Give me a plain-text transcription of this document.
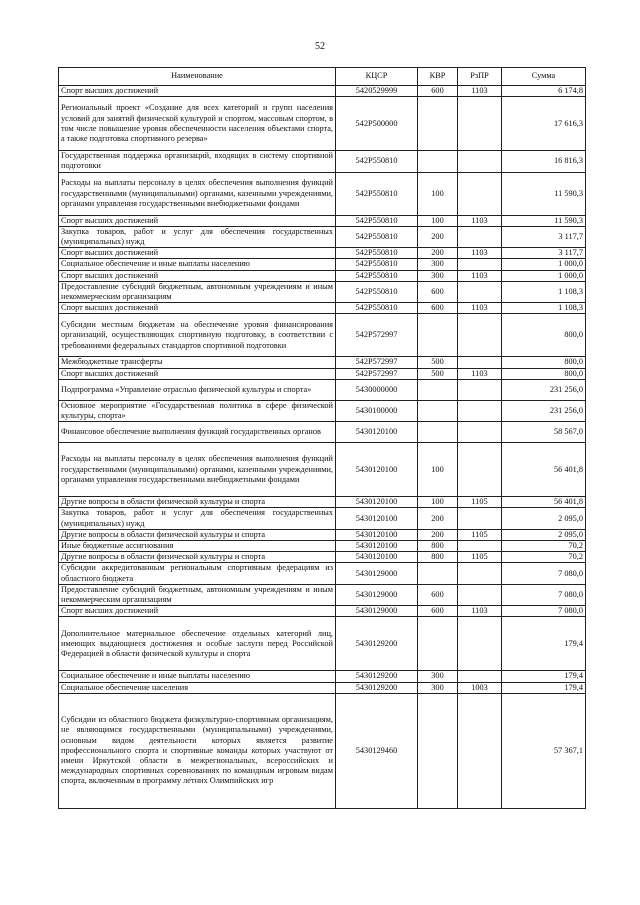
52
Наименование	КЦСР	КВР	РзПР	Сумма
Спорт высших достижений	5420529999	600	1103	6 174,8
Региональный проект «Создание для всех категорий и групп населения условий для занятий физической культурой и спортом, массовым спортом, в том числе повышение уровня обеспеченности населения объектами спорта, а также подготовка спортивного резерва»	542P500000			17 616,3
Государственная поддержка организаций, входящих в систему спортивной подготовки	542P550810			16 816,3
Расходы на выплаты персоналу в целях обеспечения выполнения функций государственными (муниципальными) органами, казенными учреждениями, органами управления государственными внебюджетными фондами	542P550810	100		11 590,3
Спорт высших достижений	542P550810	100	1103	11 590,3
Закупка товаров, работ и услуг для обеспечения государственных (муниципальных) нужд	542P550810	200		3 117,7
Спорт высших достижений	542P550810	200	1103	3 117,7
Социальное обеспечение и иные выплаты населению	542P550810	300		1 000,0
Спорт высших достижений	542P550810	300	1103	1 000,0
Предоставление субсидий бюджетным, автономным учреждениям и иным некоммерческим организациям	542P550810	600		1 108,3
Спорт высших достижений	542P550810	600	1103	1 108,3
Субсидии местным бюджетам на обеспечение уровня финансирования организаций, осуществляющих спортивную подготовку, в соответствии с требованиями федеральных стандартов спортивной подготовки	542P572997			800,0
Межбюджетные трансферты	542P572997	500		800,0
Спорт высших достижений	542P572997	500	1103	800,0
Подпрограмма «Управление отраслью физической культуры и спорта»	5430000000			231 256,0
Основное мероприятие «Государственная политика в сфере физической культуры, спорта»	5430100000			231 256,0
Финансовое обеспечение выполнения функций государственных органов	5430120100			58 567,0
Расходы на выплаты персоналу в целях обеспечения выполнения функций государственными (муниципальными) органами, казенными учреждениями, органами управления государственными внебюджетными фондами	5430120100	100		56 401,8
Другие вопросы в области физической культуры и спорта	5430120100	100	1105	56 401,8
Закупка товаров, работ и услуг для обеспечения государственных (муниципальных) нужд	5430120100	200		2 095,0
Другие вопросы в области физической культуры и спорта	5430120100	200	1105	2 095,0
Иные бюджетные ассигнования	5430120100	800		70,2
Другие вопросы в области физической культуры и спорта	5430120100	800	1105	70,2
Субсидии аккредитованным региональным спортивным федерациям из областного бюджета	5430129000			7 080,0
Предоставление субсидий бюджетным, автономным учреждениям и иным некоммерческим организациям	5430129000	600		7 080,0
Спорт высших достижений	5430129000	600	1103	7 080,0
Дополнительное материальное обеспечение отдельных категорий лиц, имеющих выдающиеся достижения и особые заслуги перед Российской Федерацией в области физической культуры и спорта	5430129200			179,4
Социальное обеспечение и иные выплаты населению	5430129200	300		179,4
Социальное обеспечение населения	5430129200	300	1003	179,4
Субсидии из областного бюджета физкультурно-спортивным организациям, не являющимся государственными (муниципальными) учреждениями, основным видом деятельности которых является развитие профессионального спорта и спортивные команды которых участвуют от имени Иркутской области в межрегиональных, всероссийских и международных спортивных соревнованиях по командным игровым видам спорта, включенным в программу летних Олимпийских игр	5430129460			57 367,1
